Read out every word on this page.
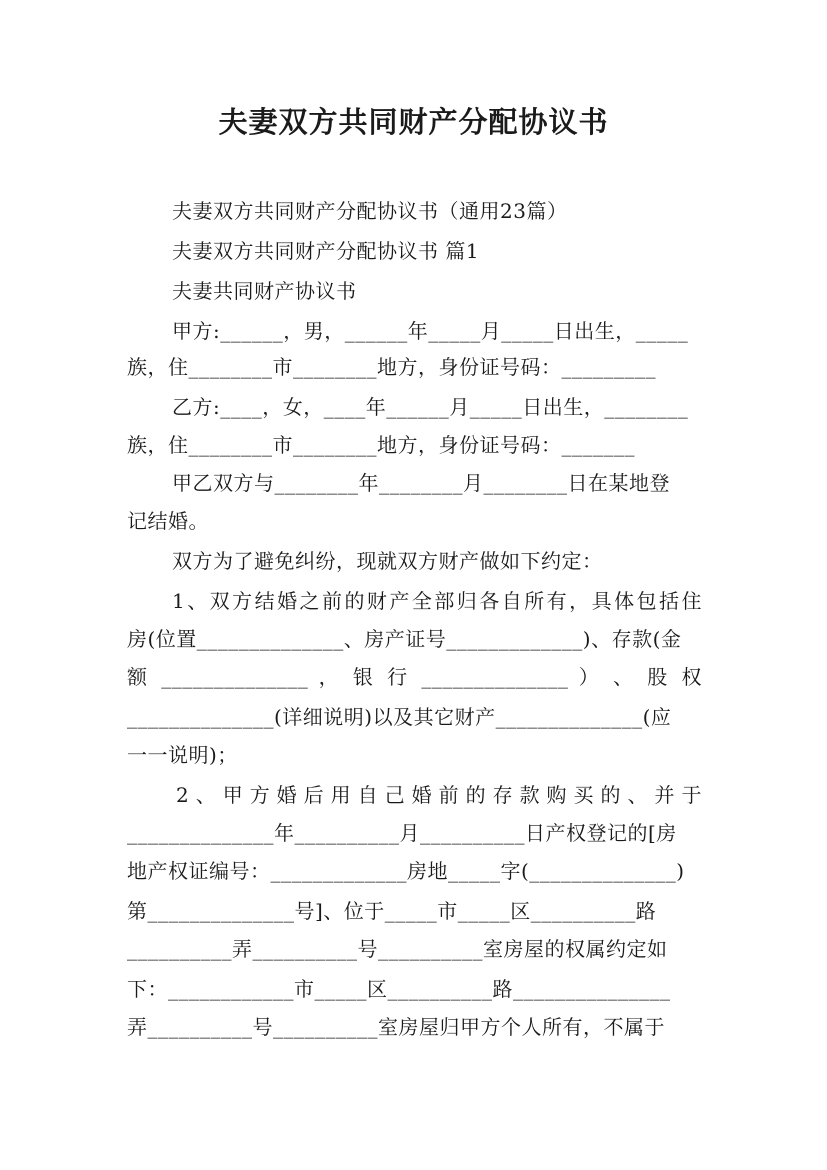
夫妻双方共同财产分配协议书
夫妻双方共同财产分配协议书（通用23篇）
夫妻双方共同财产分配协议书 篇1
夫妻共同财产协议书
甲方:______，男，______年_____月_____日出生，_____
族，住________市________地方，身份证号码：_________
乙方:____，女，____年______月_____日出生，________
族，住________市________地方，身份证号码：_______
甲乙双方与________年________月________日在某地登
记结婚。
双方为了避免纠纷，现就双方财产做如下约定：
1、双方结婚之前的财产全部归各自所有，具体包括住
房(位置______________、房产证号_____________)、存款(金
额 ______________ ， 银 行 ______________ ） 、 股 权
______________(详细说明)以及其它财产______________(应
一一说明)；
2、甲方婚后用自己婚前的存款购买的、并于
______________年__________月__________日产权登记的[房
地产权证编号：_____________房地_____字(______________)
第______________号]、位于_____市_____区__________路
__________弄__________号__________室房屋的权属约定如
下：____________市_____区__________路_______________
弄__________号__________室房屋归甲方个人所有，不属于
